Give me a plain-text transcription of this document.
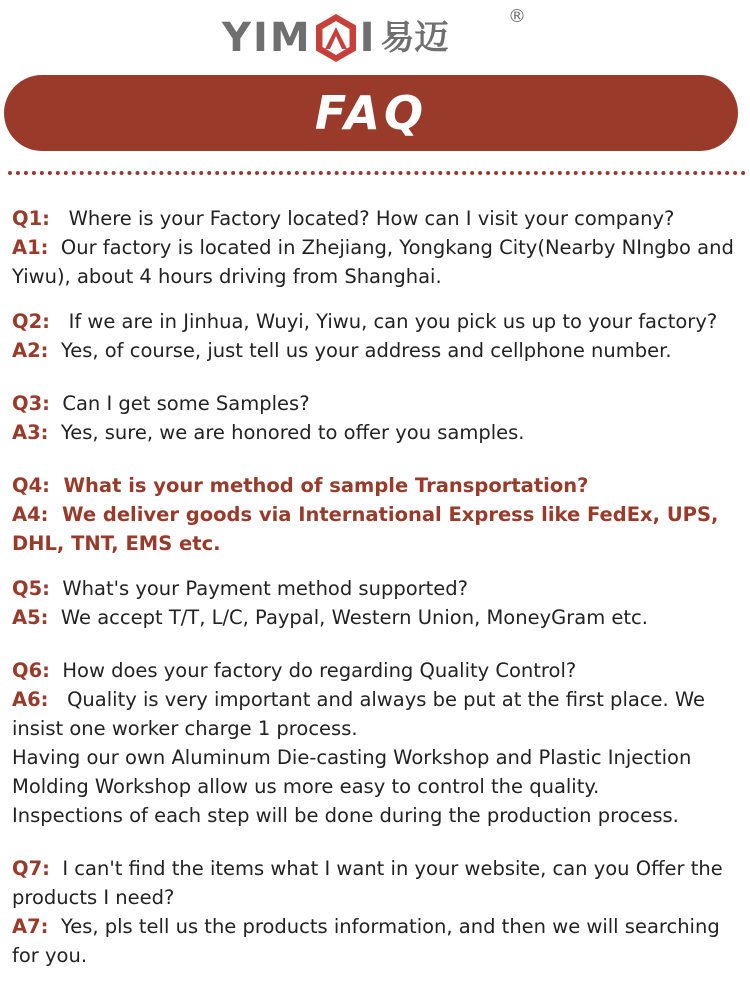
YIM I 易迈
®
FAQ
Q1: Where is your Factory located? How can I visit your company?
A1: Our factory is located in Zhejiang, Yongkang City(Nearby NIngbo and Yiwu), about 4 hours driving from Shanghai.
Q2: If we are in Jinhua, Wuyi, Yiwu, can you pick us up to your factory?
A2: Yes, of course, just tell us your address and cellphone number.
Q3: Can I get some Samples?
A3: Yes, sure, we are honored to offer you samples.
Q4: What is your method of sample Transportation?
A4: We deliver goods via International Express like FedEx, UPS, DHL, TNT, EMS etc.
Q5: What's your Payment method supported?
A5: We accept T/T, L/C, Paypal, Western Union, MoneyGram etc.
Q6: How does your factory do regarding Quality Control?
A6: Quality is very important and always be put at the first place. We insist one worker charge 1 process.
Having our own Aluminum Die-casting Workshop and Plastic Injection Molding Workshop allow us more easy to control the quality.
Inspections of each step will be done during the production process.
Q7: I can't find the items what I want in your website, can you Offer the products I need?
A7: Yes, pls tell us the products information, and then we will searching for you.
